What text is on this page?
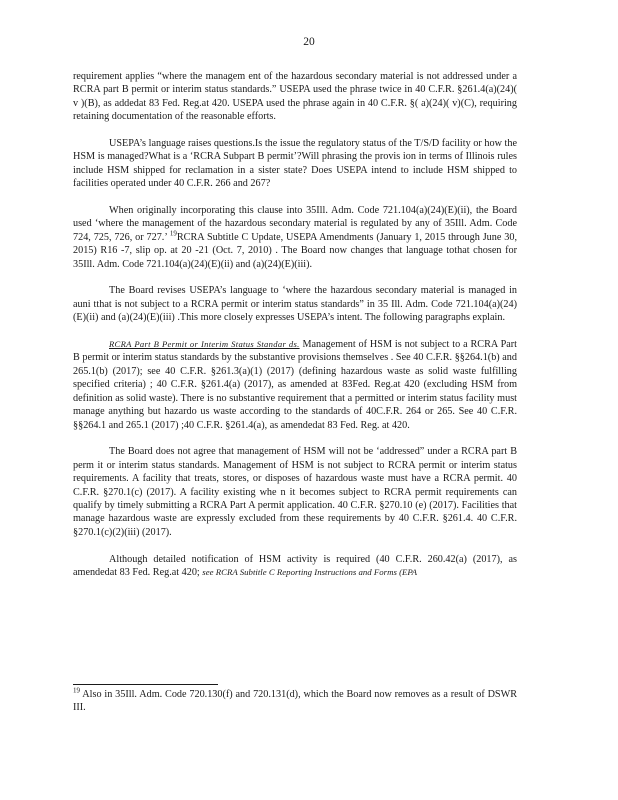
20

requirement applies “where the managem ent of the hazardous secondary material is not addressed under a RCRA part B permit or interim status standards.” USEPA used the phrase twice in 40 C.F.R. §261.4(a)(24)( v )(B), as addedat 83 Fed. Reg.at 420. USEPA used the phrase again in 40 C.F.R. §( a)(24)( v)(C), requiring retaining documentation of the reasonable efforts.

USEPA’s language raises questions.Is the issue the regulatory status of the T/S/D facility or how the HSM is managed?What is a ‘RCRA Subpart B permit’?Will phrasing the provis ion in terms of Illinois rules include HSM shipped for reclamation in a sister state? Does USEPA intend to include HSM shipped to facilities operated under 40 C.F.R. 266 and 267?

When originally incorporating this clause into 35Ill. Adm. Code 721.104(a)(24)(E)(ii), the Board used ‘where the management of the hazardous secondary material is regulated by any of 35Ill. Adm. Code 724, 725, 726, or 727.’ $^{19}$RCRA Subtitle C Update, USEPA Amendments (January 1, 2015 through June 30, 2015) R16 -7, slip op. at 20 -21 (Oct. 7, 2010) . The Board now changes that language tothat chosen for 35Ill. Adm. Code 721.104(a)(24)(E)(ii) and (a)(24)(E)(iii).

The Board revises USEPA’s language to ‘where the hazardous secondary material is managed in auni tthat is not subject to a RCRA permit or interim status standards” in 35 Ill. Adm. Code 721.104(a)(24)(E)(ii) and (a)(24)(E)(iii) .This more closely expresses USEPA’s intent. The following paragraphs explain.

RCRA Part B Permit or Interim Status Standar ds. Management of HSM is not subject to a RCRA Part B permit or interim status standards by the substantive provisions themselves . See 40 C.F.R. §§264.1(b) and 265.1(b) (2017); see 40 C.F.R. §261.3(a)(1) (2017) (defining hazardous waste as solid waste fulfilling specified criteria) ; 40 C.F.R. §261.4(a) (2017), as amended at 83Fed. Reg.at 420 (excluding HSM from definition as solid waste). There is no substantive requirement that a permitted or interim status facility must manage anything but hazardo us waste according to the standards of 40C.F.R. 264 or 265. See 40 C.F.R. §§264.1 and 265.1 (2017) ;40 C.F.R. §261.4(a), as amendedat 83 Fed. Reg. at 420.

The Board does not agree that management of HSM will not be ‘addressed” under a RCRA part B perm it or interim status standards. Management of HSM is not subject to RCRA permit or interim status requirements. A facility that treats, stores, or disposes of hazardous waste must have a RCRA permit. 40 C.F.R. §270.1(c) (2017). A facility existing whe n it becomes subject to RCRA permit requirements can qualify by timely submitting a RCRA Part A permit application. 40 C.F.R. §270.10 (e) (2017). Facilities that manage hazardous waste are expressly excluded from these requirements by 40 C.F.R. §261.4. 40 C.F.R. §270.1(c)(2)(iii) (2017).

Although detailed notification of HSM activity is required (40 C.F.R. 260.42(a) (2017), as amendedat 83 Fed. Reg.at 420; see RCRA Subtitle C Reporting Instructions and Forms (EPA

$^{19}$ Also in 35Ill. Adm. Code 720.130(f) and 720.131(d), which the Board now removes as a result of DSWR III.
